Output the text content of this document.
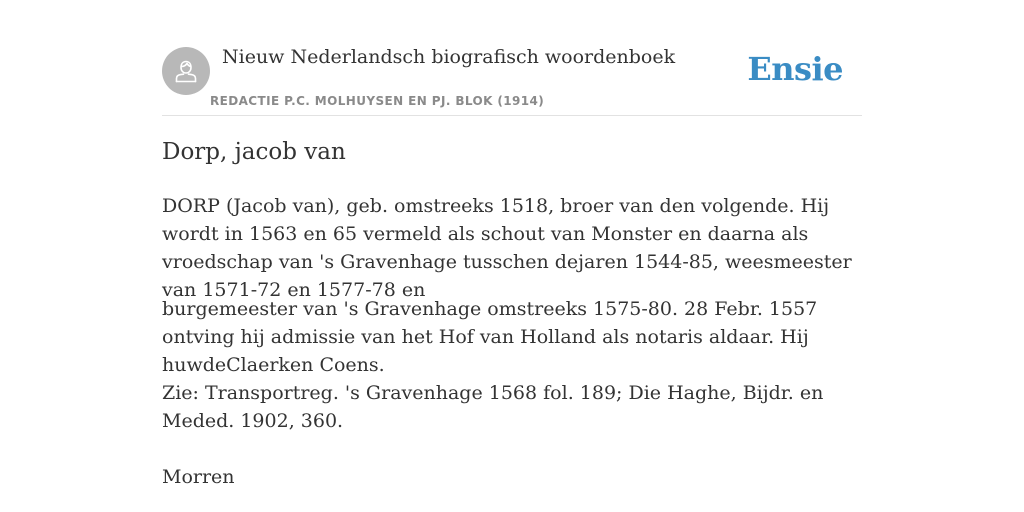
Nieuw Nederlandsch biografisch woordenboek
REDACTIE P.C. MOLHUYSEN EN PJ. BLOK (1914)
Ensie
Dorp, jacob van

DORP (Jacob van), geb. omstreeks 1518, broer van den volgende. Hij wordt in 1563 en 65 vermeld als schout van Monster en daarna als vroedschap van 's Gravenhage tusschen dejaren 1544-85, weesmeester van 1571-72 en 1577-78 en

burgemeester van 's Gravenhage omstreeks 1575-80. 28 Febr. 1557 ontving hij admissie van het Hof van Holland als notaris aldaar. Hij huwdeClaerken Coens.

Zie: Transportreg. 's Gravenhage 1568 fol. 189; Die Haghe, Bijdr. en Meded. 1902, 360.

Morren
